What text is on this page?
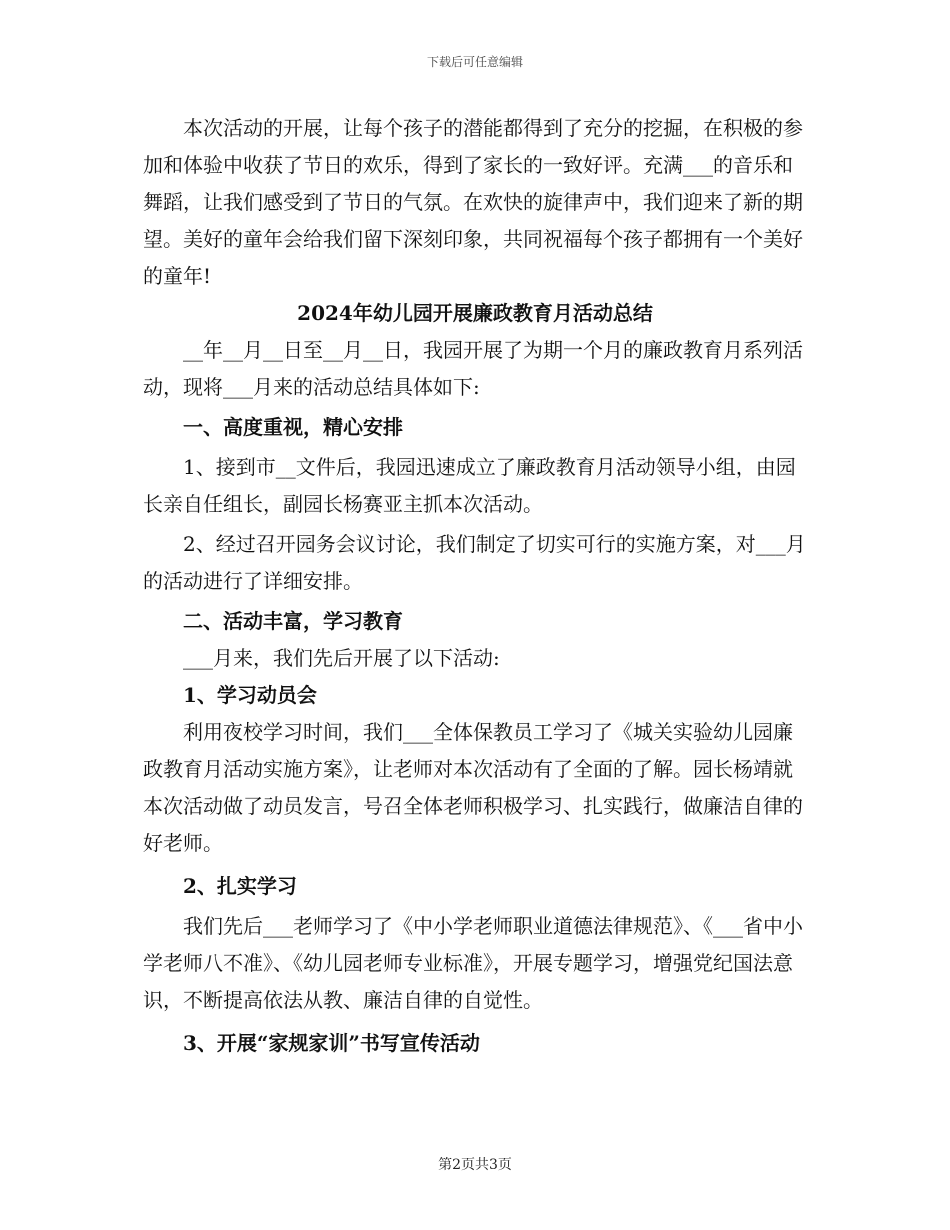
下载后可任意编辑

本次活动的开展，让每个孩子的潜能都得到了充分的挖掘，在积极的参加和体验中收获了节日的欢乐，得到了家长的一致好评。充满___的音乐和舞蹈，让我们感受到了节日的气氛。在欢快的旋律声中，我们迎来了新的期望。美好的童年会给我们留下深刻印象，共同祝福每个孩子都拥有一个美好的童年!

2024年幼儿园开展廉政教育月活动总结

__年__月__日至__月__日，我园开展了为期一个月的廉政教育月系列活动，现将___月来的活动总结具体如下:

一、高度重视，精心安排

1、接到市__文件后，我园迅速成立了廉政教育月活动领导小组，由园长亲自任组长，副园长杨赛亚主抓本次活动。

2、经过召开园务会议讨论，我们制定了切实可行的实施方案，对___月的活动进行了详细安排。

二、活动丰富，学习教育

___月来，我们先后开展了以下活动:

1、学习动员会

利用夜校学习时间，我们___全体保教员工学习了《城关实验幼儿园廉政教育月活动实施方案》，让老师对本次活动有了全面的了解。园长杨靖就本次活动做了动员发言，号召全体老师积极学习、扎实践行，做廉洁自律的好老师。

2、扎实学习

我们先后___老师学习了《中小学老师职业道德法律规范》、《___省中小学老师八不准》、《幼儿园老师专业标准》，开展专题学习，增强党纪国法意识，不断提高依法从教、廉洁自律的自觉性。

3、开展“家规家训”书写宣传活动

第2页共3页
